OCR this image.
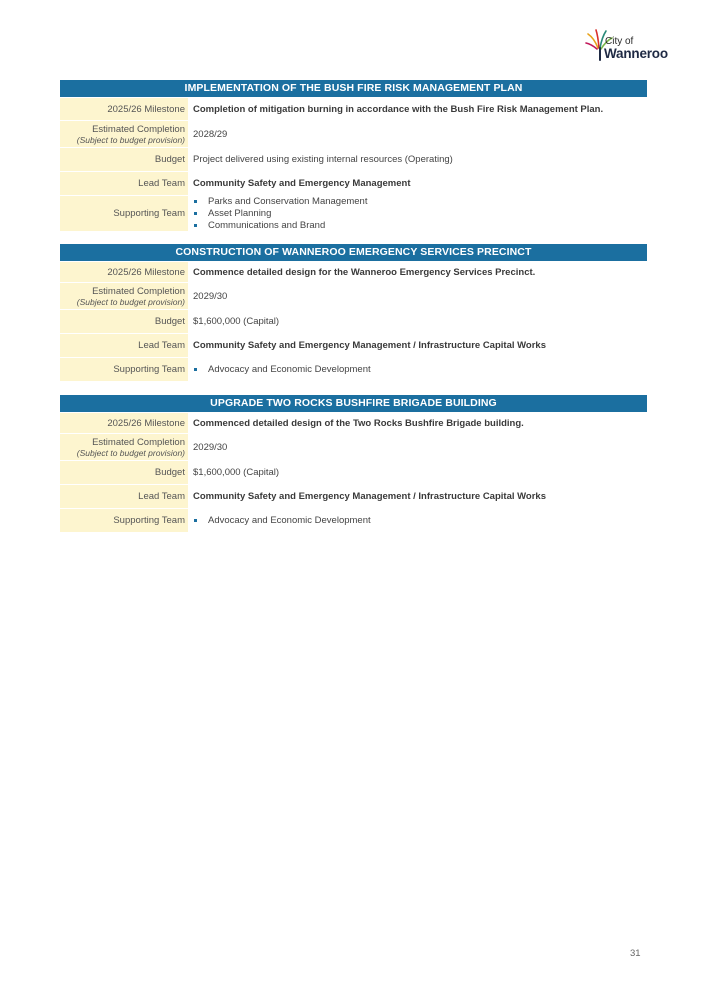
City of
Wanneroo
IMPLEMENTATION OF THE BUSH FIRE RISK MANAGEMENT PLAN
2025/26 Milestone Completion of mitigation burning in accordance with the Bush Fire Risk Management Plan.
Estimated Completion
(Subject to budget provision) 2028/29
Budget Project delivered using existing internal resources (Operating)
Lead Team Community Safety and Emergency Management
Supporting Team
Parks and Conservation Management
Asset Planning
Communications and Brand
CONSTRUCTION OF WANNEROO EMERGENCY SERVICES PRECINCT
2025/26 Milestone Commence detailed design for the Wanneroo Emergency Services Precinct.
Estimated Completion
(Subject to budget provision) 2029/30
Budget $1,600,000 (Capital)
Lead Team Community Safety and Emergency Management / Infrastructure Capital Works
Supporting Team	Advocacy and Economic Development
UPGRADE TWO ROCKS BUSHFIRE BRIGADE BUILDING
2025/26 Milestone Commenced detailed design of the Two Rocks Bushfire Brigade building.
Estimated Completion
(Subject to budget provision) 2029/30
Budget $1,600,000 (Capital)
Lead Team Community Safety and Emergency Management / Infrastructure Capital Works
Supporting Team	Advocacy and Economic Development
31
